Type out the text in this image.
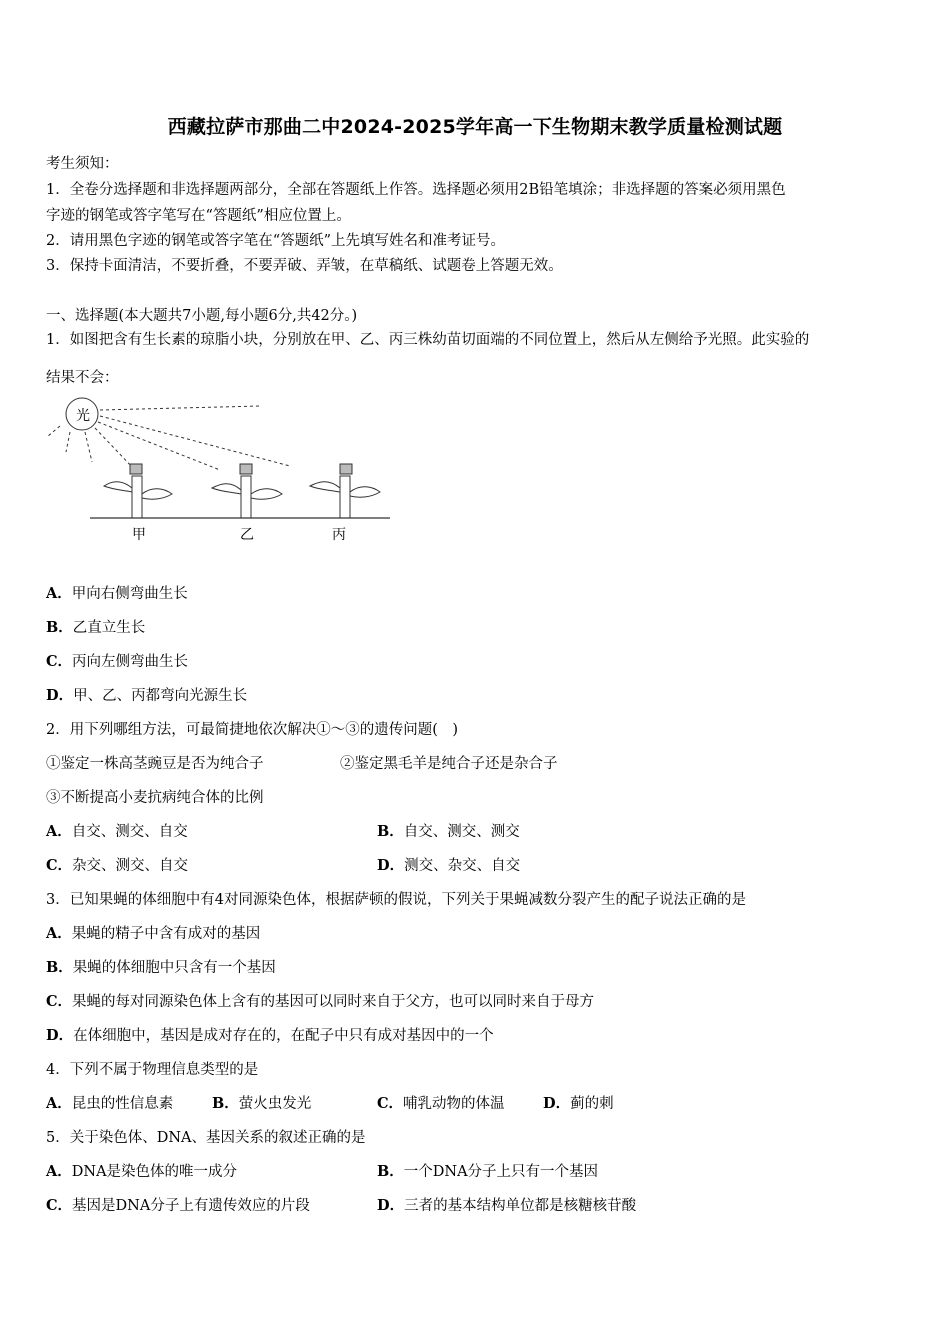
西藏拉萨市那曲二中2024-2025学年高一下生物期末教学质量检测试题
考生须知：
1．全卷分选择题和非选择题两部分，全部在答题纸上作答。选择题必须用2B铅笔填涂；非选择题的答案必须用黑色
字迹的钢笔或答字笔写在“答题纸”相应位置上。
2．请用黑色字迹的钢笔或答字笔在“答题纸”上先填写姓名和准考证号。
3．保持卡面清洁，不要折叠，不要弄破、弄皱，在草稿纸、试题卷上答题无效。
一、选择题(本大题共7小题,每小题6分,共42分。)
1．如图把含有生长素的琼脂小块，分别放在甲、乙、丙三株幼苗切面端的不同位置上，然后从左侧给予光照。此实验的
结果不会：
光
甲	乙	丙
A．甲向右侧弯曲生长
B．乙直立生长
C．丙向左侧弯曲生长
D．甲、乙、丙都弯向光源生长
2．用下列哪组方法，可最简捷地依次解决①～③的遗传问题(　)
①鉴定一株高茎豌豆是否为纯合子	②鉴定黑毛羊是纯合子还是杂合子
③不断提高小麦抗病纯合体的比例
A．自交、测交、自交	B．自交、测交、测交
C．杂交、测交、自交	D．测交、杂交、自交
3．已知果蝇的体细胞中有4对同源染色体，根据萨顿的假说，下列关于果蝇减数分裂产生的配子说法正确的是
A．果蝇的精子中含有成对的基因
B．果蝇的体细胞中只含有一个基因
C．果蝇的每对同源染色体上含有的基因可以同时来自于父方，也可以同时来自于母方
D．在体细胞中，基因是成对存在的，在配子中只有成对基因中的一个
4．下列不属于物理信息类型的是
A．昆虫的性信息素	B．萤火虫发光	C．哺乳动物的体温	D．蓟的刺
5．关于染色体、DNA、基因关系的叙述正确的是
A．DNA是染色体的唯一成分	B．一个DNA分子上只有一个基因
C．基因是DNA分子上有遗传效应的片段	D．三者的基本结构单位都是核糖核苷酸
